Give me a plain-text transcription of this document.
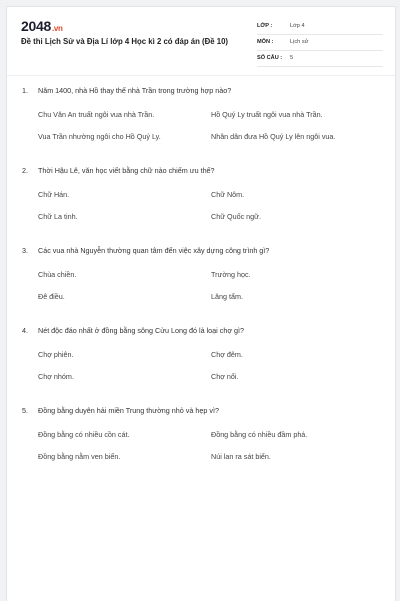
2048.vn
Đề thi Lịch Sử và Địa Lí lớp 4 Học kì 2 có đáp án (Đề 10)
LỚP :	Lớp 4
MÔN :	Lịch sử
SỐ CÂU : 5
1. Năm 1400, nhà Hồ thay thế nhà Trần trong trường hợp nào?
Chu Văn An truất ngôi vua nhà Trần.	Hồ Quý Ly truất ngôi vua nhà Trần.
Vua Trần nhường ngôi cho Hồ Quý Ly.	Nhân dân đưa Hồ Quý Ly lên ngôi vua.
2. Thời Hậu Lê, văn học viết bằng chữ nào chiếm ưu thế?
Chữ Hán.	Chữ Nôm.
Chữ La tinh.	Chữ Quốc ngữ.
3. Các vua nhà Nguyễn thường quan tâm đến việc xây dựng công trình gì?
Chùa chiền.	Trường học.
Đê điều.	Lăng tẩm.
4. Nét độc đáo nhất ở đồng bằng sông Cửu Long đó là loại chợ gì?
Chợ phiên.	Chợ đêm.
Chợ nhóm.	Chợ nổi.
5. Đồng bằng duyên hải miền Trung thường nhỏ và hẹp vì?
Đồng bằng có nhiều cồn cát.	Đồng bằng có nhiều đầm phá.
Đồng bằng nằm ven biển.	Núi lan ra sát biển.
